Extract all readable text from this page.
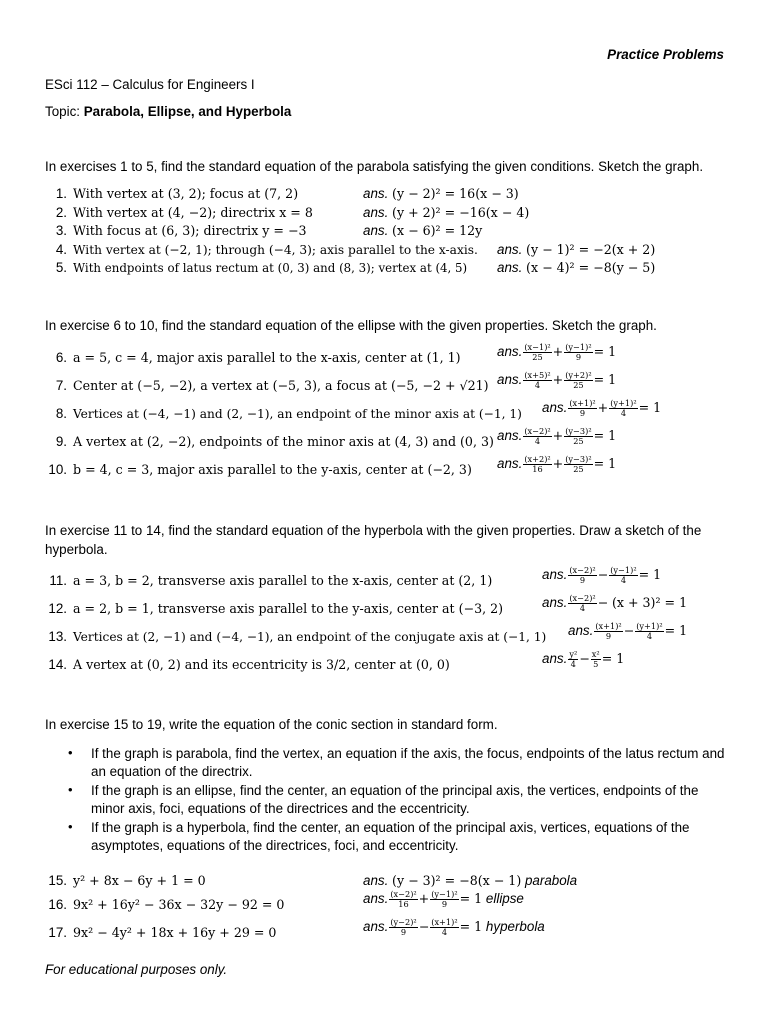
Practice Problems
ESci 112 – Calculus for Engineers I
Topic: Parabola, Ellipse, and Hyperbola
In exercises 1 to 5, find the standard equation of the parabola satisfying the given conditions. Sketch the graph.
1. With vertex at (3, 2); focus at (7, 2)	ans. (y − 2)² = 16(x − 3)
2. With vertex at (4, −2); directrix x = 8	ans. (y + 2)² = −16(x − 4)
3. With focus at (6, 3); directrix y = −3	ans. (x − 6)² = 12y
4. With vertex at (−2, 1); through (−4, 3); axis parallel to the x-axis. ans. (y − 1)² = −2(x + 2)
5. With endpoints of latus rectum at (0, 3) and (8, 3); vertex at (4, 5) ans. (x − 4)² = −8(y − 5)
In exercise 6 to 10, find the standard equation of the ellipse with the given properties. Sketch the graph.
6. a = 5, c = 4, major axis parallel to the x-axis, center at (1, 1)	ans. $\frac{\text{(x−1)²}}{25} + \frac{\text{(y−1)²}}{9} = 1$
7. Center at (−5, −2), a vertex at (−5, 3), a focus at (−5, −2 + √21) ans. $\frac{\text{(x+5)²}}{4} + \frac{\text{(y+2)²}}{25} = 1$
8. Vertices at (−4, −1) and (2, −1), an endpoint of the minor axis at (−1, 1) ans. $\frac{\text{(x+1)²}}{9} + \frac{\text{(y+1)²}}{4} = 1$
9. A vertex at (2, −2), endpoints of the minor axis at (4, 3) and (0, 3) ans. $\frac{\text{(x−2)²}}{4} + \frac{\text{(y−3)²}}{25} = 1$
10. b = 4, c = 3, major axis parallel to the y-axis, center at (−2, 3) ans. $\frac{\text{(x+2)²}}{16} + \frac{\text{(y−3)²}}{25} = 1$
In exercise 11 to 14, find the standard equation of the hyperbola with the given properties. Draw a sketch of the hyperbola.
11. a = 3, b = 2, transverse axis parallel to the x-axis, center at (2, 1)	ans. $\frac{\text{(x−2)²}}{9} - \frac{\text{(y−1)²}}{4} = 1$
12. a = 2, b = 1, transverse axis parallel to the y-axis, center at (−3, 2)	ans. $\frac{\text{(x−2)²}}{4} - (x + 3)^2 = 1$
13. Vertices at (2, −1) and (−4, −1), an endpoint of the conjugate axis at (−1, 1) ans. $\frac{\text{(x+1)²}}{9} - \frac{\text{(y+1)²}}{4} = 1$
14. A vertex at (0, 2) and its eccentricity is 3/2, center at (0, 0)	ans. $\frac{\text{y²}}{4} - \frac{\text{x²}}{5} = 1$
In exercise 15 to 19, write the equation of the conic section in standard form.
• If the graph is parabola, find the vertex, an equation if the axis, the focus, endpoints of the latus rectum and an equation of the directrix.
• If the graph is an ellipse, find the center, an equation of the principal axis, the vertices, endpoints of the minor axis, foci, equations of the directrices and the eccentricity.
• If the graph is a hyperbola, find the center, an equation of the principal axis, vertices, equations of the asymptotes, equations of the directrices, foci, and eccentricity.
15. y² + 8x − 6y + 1 = 0	ans. (y − 3)² = −8(x − 1) parabola
16. 9x² + 16y² − 36x − 32y − 92 = 0	ans. $\frac{\text{(x−2)²}}{16} + \frac{\text{(y−1)²}}{9} = 1$ ellipse
17. 9x² − 4y² + 18x + 16y + 29 = 0	ans. $\frac{\text{(y−2)²}}{9} - \frac{\text{(x+1)²}}{4} = 1$ hyperbola
For educational purposes only.
